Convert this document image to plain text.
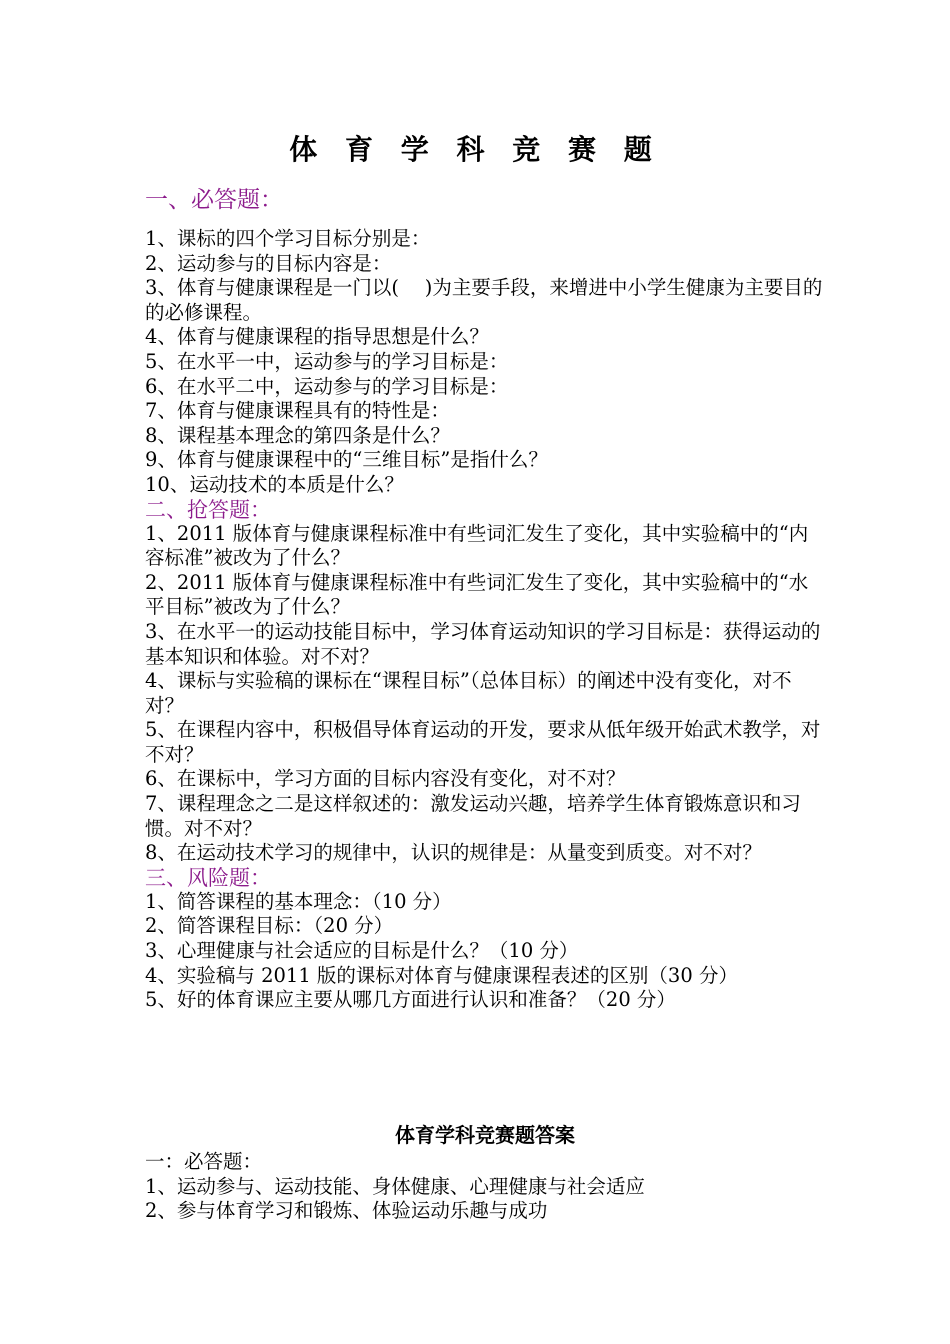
体 育 学 科 竞 赛 题

一、必答题：

1、课标的四个学习目标分别是：

2、运动参与的目标内容是：

3、体育与健康课程是一门以(　 )为主要手段，来增进中小学生健康为主要目的的必修课程。

4、体育与健康课程的指导思想是什么？

5、在水平一中，运动参与的学习目标是：

6、在水平二中，运动参与的学习目标是：

7、体育与健康课程具有的特性是：

8、课程基本理念的第四条是什么？

9、体育与健康课程中的“三维目标”是指什么？

10、运动技术的本质是什么？

二、抢答题：

1、2011 版体育与健康课程标准中有些词汇发生了变化，其中实验稿中的“内容标准”被改为了什么？

2、2011 版体育与健康课程标准中有些词汇发生了变化，其中实验稿中的“水平目标”被改为了什么？

3、在水平一的运动技能目标中，学习体育运动知识的学习目标是：获得运动的基本知识和体验。对不对？

4、课标与实验稿的课标在“课程目标”（总体目标）的阐述中没有变化，对不对？

5、在课程内容中，积极倡导体育运动的开发，要求从低年级开始武术教学，对不对？

6、在课标中，学习方面的目标内容没有变化，对不对？

7、课程理念之二是这样叙述的：激发运动兴趣，培养学生体育锻炼意识和习惯。对不对？

8、在运动技术学习的规律中，认识的规律是：从量变到质变。对不对？

三、风险题：

1、简答课程的基本理念：（10 分）

2、简答课程目标：（20 分）

3、心理健康与社会适应的目标是什么？（10 分）

4、实验稿与 2011 版的课标对体育与健康课程表述的区别（30 分）

5、好的体育课应主要从哪几方面进行认识和准备？（20 分）

体育学科竞赛题答案

一：必答题：

1、运动参与、运动技能、身体健康、心理健康与社会适应

2、参与体育学习和锻炼、体验运动乐趣与成功
